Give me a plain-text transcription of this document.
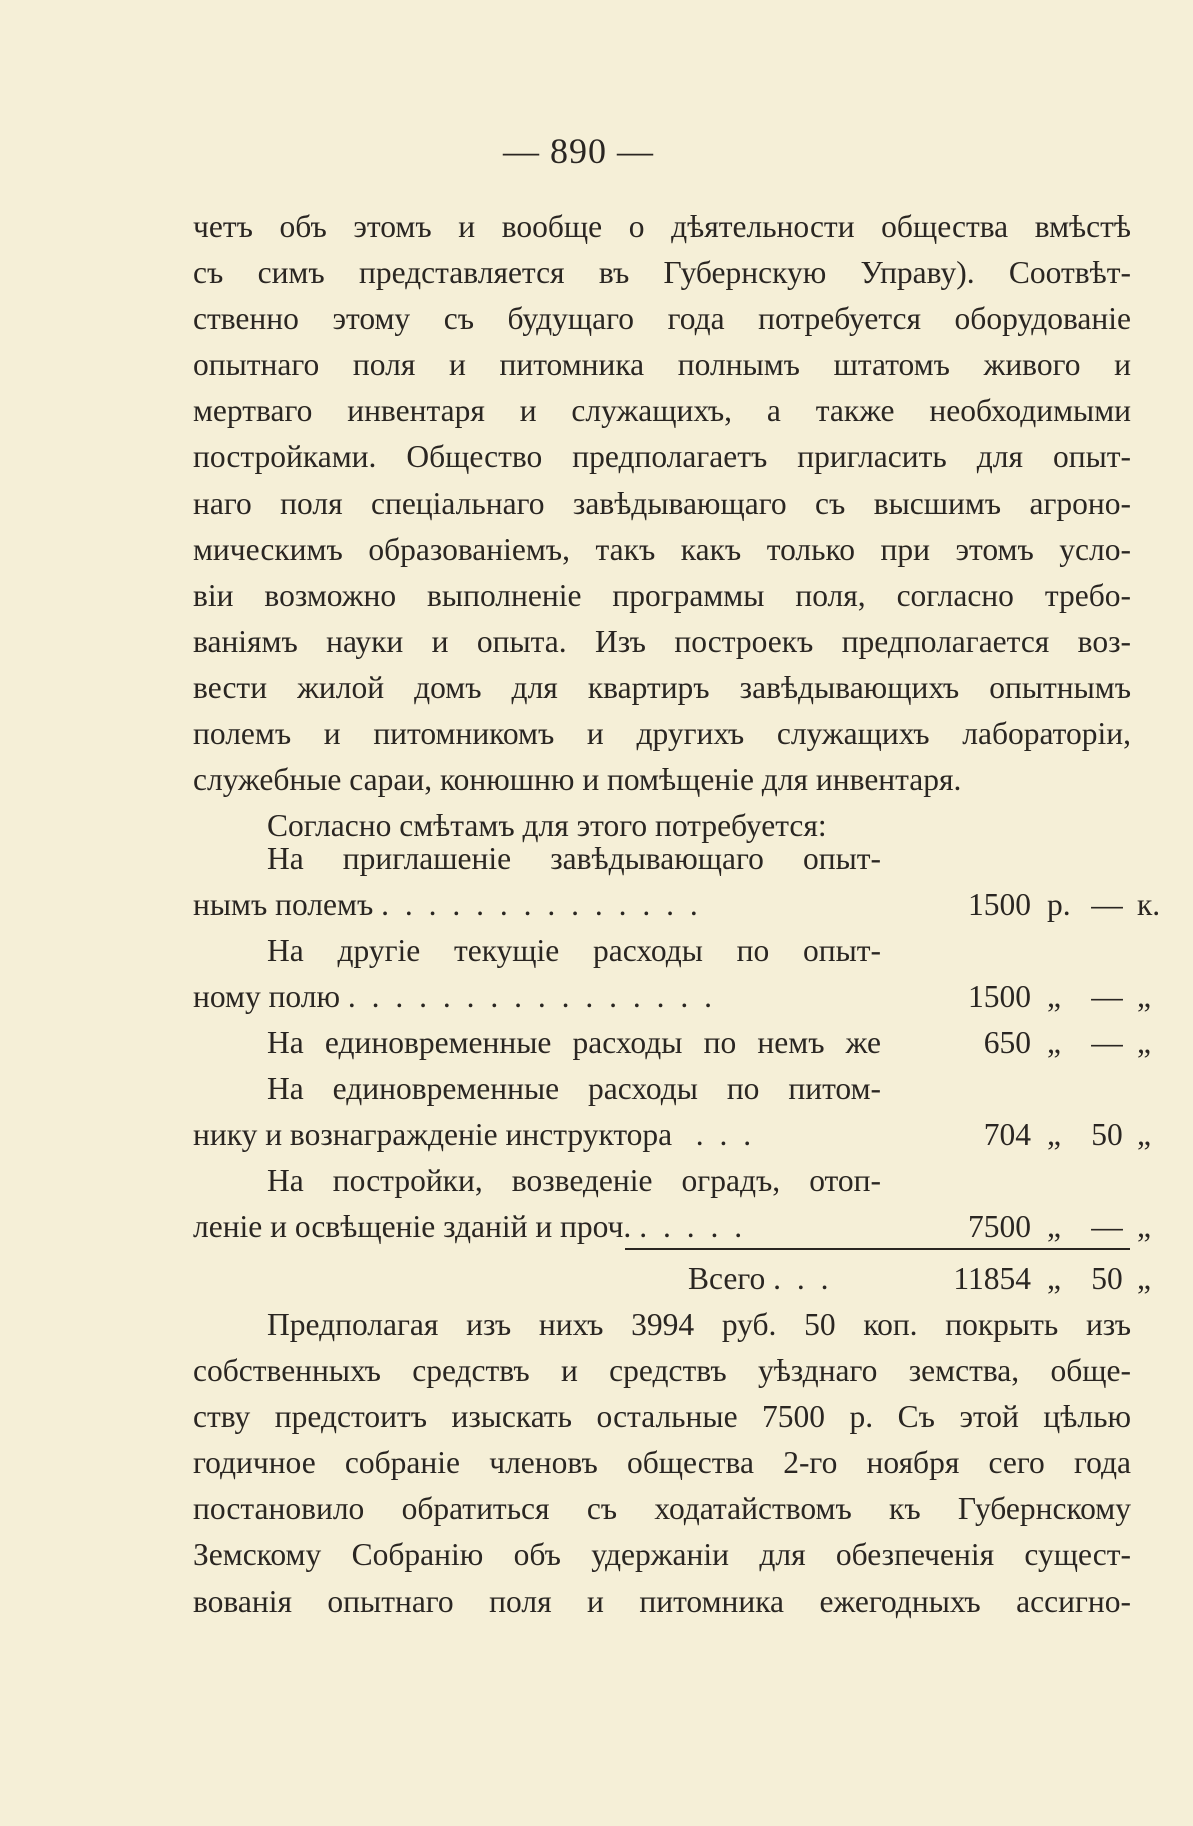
— 890 —
четъ объ этомъ и вообще о дѣятельности общества вмѣстѣ
съ симъ представляется въ Губернскую Управу). Соотвѣт-
ственно этому съ будущаго года потребуется оборудованіе
опытнаго поля и питомника полнымъ штатомъ живого и
мертваго инвентаря и служащихъ, а также необходимыми
постройками. Общество предполагаетъ пригласить для опыт-
наго поля спеціальнаго завѣдывающаго съ высшимъ агроно-
мическимъ образованіемъ, такъ какъ только при этомъ усло-
віи возможно выполненіе программы поля, согласно требо-
ваніямъ науки и опыта. Изъ построекъ предполагается воз-
вести жилой домъ для квартиръ завѣдывающихъ опытнымъ
полемъ и питомникомъ и другихъ служащихъ лабораторіи,
служебные сараи, конюшню и помѣщеніе для инвентаря.
Согласно смѣтамъ для этого потребуется:
На приглашеніе завѣдывающаго опыт-
нымъ полемъ . . . . . . . . . . . . . .	1500 р. — к.
На другіе текущіе расходы по опыт-
ному полю . . . . . . . . . . . . . . . .	1500 „ — „
На единовременные расходы по немъ же	650 „ — „
На единовременные расходы по питом-
нику и вознагражденіе инструктора . . .	704 „ 50 „
На постройки, возведеніе оградъ, отоп-
леніе и освѣщеніе зданій и проч. . . . . .	7500 „ — „
Всего . . .	11854 „ 50 „
Предполагая изъ нихъ 3994 руб. 50 коп. покрыть изъ
собственныхъ средствъ и средствъ уѣзднаго земства, обще-
ству предстоитъ изыскать остальные 7500 р. Съ этой цѣлью
годичное собраніе членовъ общества 2-го ноября сего года
постановило обратиться съ ходатайствомъ къ Губернскому
Земскому Собранію объ удержаніи для обезпеченія сущест-
вованія опытнаго поля и питомника ежегодныхъ ассигно-
